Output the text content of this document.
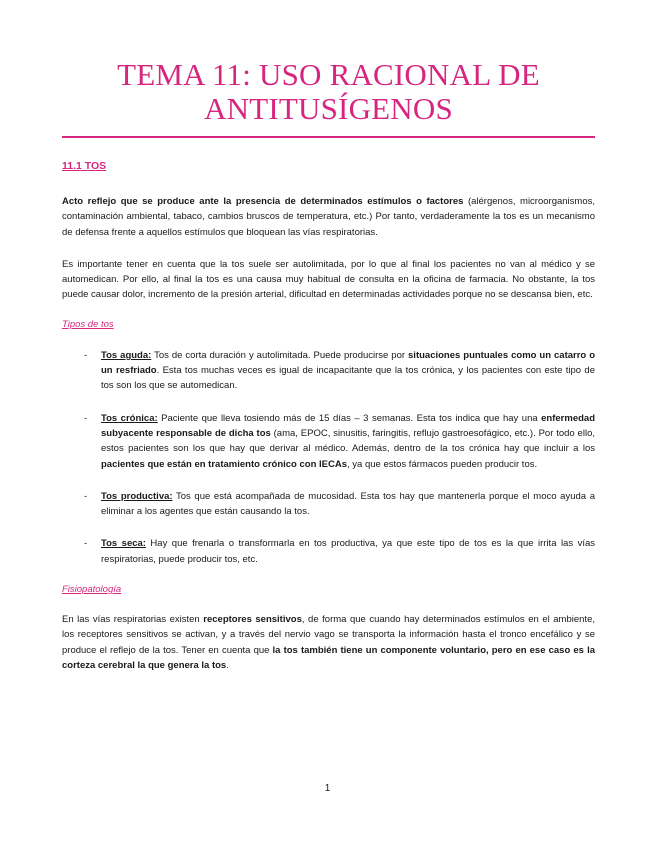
TEMA 11: USO RACIONAL DE
ANTITUSÍGENOS
11.1 TOS

Acto reflejo que se produce ante la presencia de determinados estímulos o factores (alérgenos, microorganismos, contaminación ambiental, tabaco, cambios bruscos de temperatura, etc.) Por tanto, verdaderamente la tos es un mecanismo de defensa frente a aquellos estímulos que bloquean las vías respiratorias.

Es importante tener en cuenta que la tos suele ser autolimitada, por lo que al final los pacientes no van al médico y se automedican. Por ello, al final la tos es una causa muy habitual de consulta en la oficina de farmacia. No obstante, la tos puede causar dolor, incremento de la presión arterial, dificultad en determinadas actividades porque no se descansa bien, etc.

Tipos de tos
-	Tos aguda: Tos de corta duración y autolimitada. Puede producirse por situaciones puntuales como un catarro o un resfriado. Esta tos muchas veces es igual de incapacitante que la tos crónica, y los pacientes con este tipo de tos son los que se automedican.
-	Tos crónica: Paciente que lleva tosiendo más de 15 días – 3 semanas. Esta tos indica que hay una enfermedad subyacente responsable de dicha tos (ama, EPOC, sinusitis, faringitis, reflujo gastroesofágico, etc.). Por todo ello, estos pacientes son los que hay que derivar al médico. Además, dentro de la tos crónica hay que incluir a los pacientes que están en tratamiento crónico con IECAs, ya que estos fármacos pueden producir tos.
-	Tos productiva: Tos que está acompañada de mucosidad. Esta tos hay que mantenerla porque el moco ayuda a eliminar a los agentes que están causando la tos.
-	Tos seca: Hay que frenarla o transformarla en tos productiva, ya que este tipo de tos es la que irrita las vías respiratorias, puede producir tos, etc.
Fisiopatología

En las vías respiratorias existen receptores sensitivos, de forma que cuando hay determinados estímulos en el ambiente, los receptores sensitivos se activan, y a través del nervio vago se transporta la información hasta el tronco encefálico y se produce el reflejo de la tos. Tener en cuenta que la tos también tiene un componente voluntario, pero en ese caso es la corteza cerebral la que genera la tos.

1
